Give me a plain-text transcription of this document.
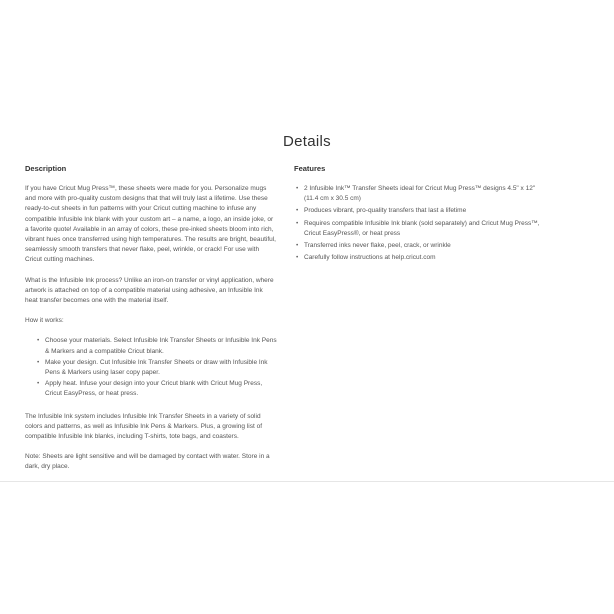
Details
Description

If you have Cricut Mug Press™, these sheets were made for you. Personalize mugs and more with pro-quality custom designs that that will truly last a lifetime. Use these ready-to-cut sheets in fun patterns with your Cricut cutting machine to infuse any compatible Infusible Ink blank with your custom art – a name, a logo, an inside joke, or a favorite quote! Available in an array of colors, these pre-inked sheets bloom into rich, vibrant hues once transferred using high temperatures. The results are bright, beautiful, seamlessly smooth transfers that never flake, peel, wrinkle, or crack! For use with Cricut cutting machines.

What is the Infusible Ink process? Unlike an iron-on transfer or vinyl application, where artwork is attached on top of a compatible material using adhesive, an Infusible Ink heat transfer becomes one with the material itself.

How it works:

• Choose your materials. Select Infusible Ink Transfer Sheets or Infusible Ink Pens & Markers and a compatible Cricut blank.
• Make your design. Cut Infusible Ink Transfer Sheets or draw with Infusible Ink Pens & Markers using laser copy paper.
• Apply heat. Infuse your design into your Cricut blank with Cricut Mug Press, Cricut EasyPress, or heat press.

The Infusible Ink system includes Infusible Ink Transfer Sheets in a variety of solid colors and patterns, as well as Infusible Ink Pens & Markers. Plus, a growing list of compatible Infusible Ink blanks, including T-shirts, tote bags, and coasters.

Note: Sheets are light sensitive and will be damaged by contact with water. Store in a dark, dry place.

Features
• 2 Infusible Ink™ Transfer Sheets ideal for Cricut Mug Press™ designs 4.5" x 12" (11.4 cm x 30.5 cm)
• Produces vibrant, pro-quality transfers that last a lifetime
• Requires compatible Infusible Ink blank (sold separately) and Cricut Mug Press™, Cricut EasyPress®, or heat press
• Transferred inks never flake, peel, crack, or wrinkle
• Carefully follow instructions at help.cricut.com
